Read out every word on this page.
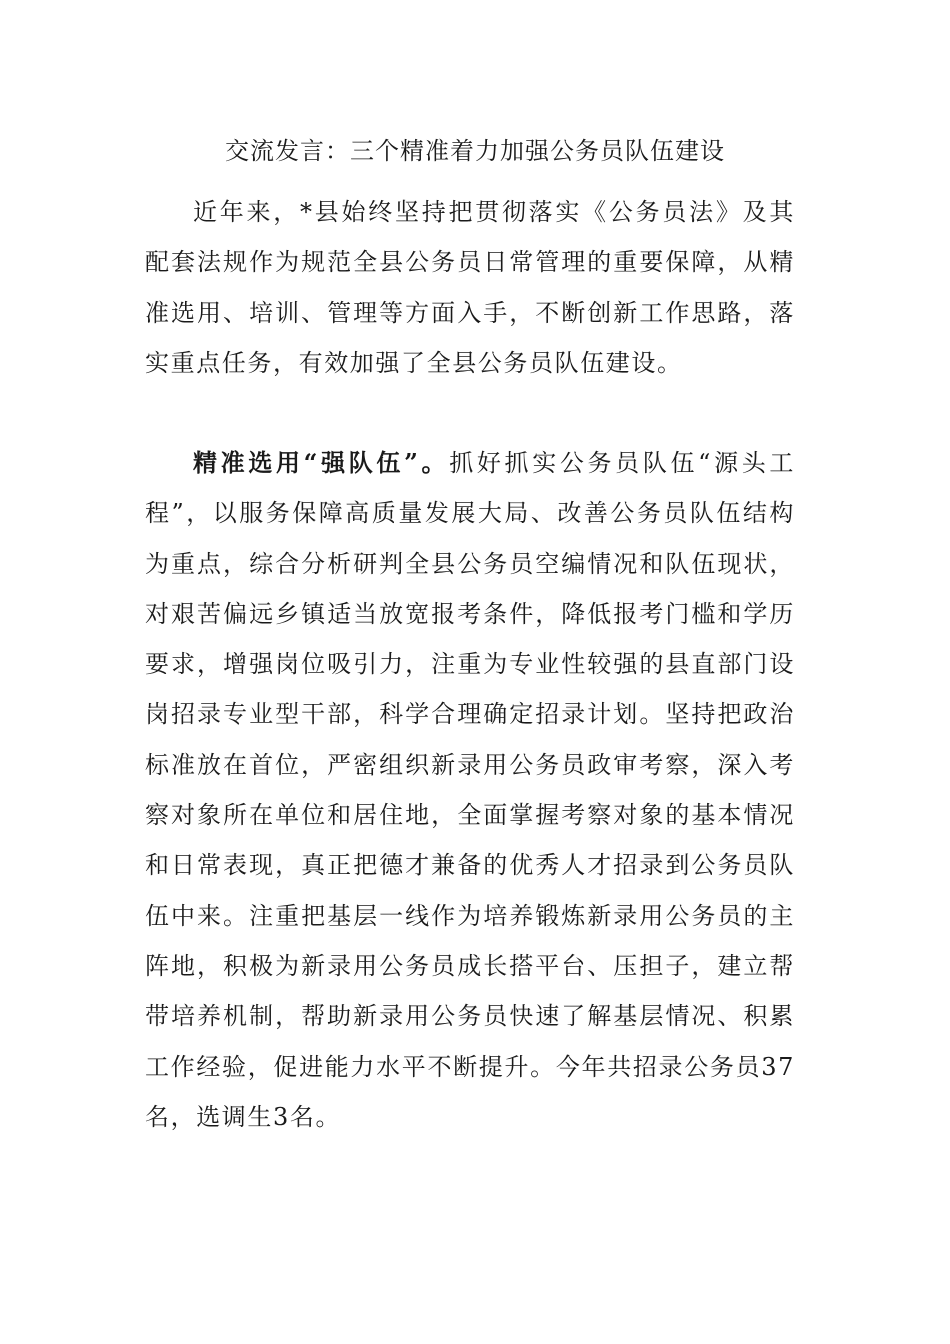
交流发言：三个精准着力加强公务员队伍建设

近年来，*县始终坚持把贯彻落实《公务员法》及其配套法规作为规范全县公务员日常管理的重要保障，从精准选用、培训、管理等方面入手，不断创新工作思路，落实重点任务，有效加强了全县公务员队伍建设。

精准选用“强队伍”。抓好抓实公务员队伍“源头工程”，以服务保障高质量发展大局、改善公务员队伍结构为重点，综合分析研判全县公务员空编情况和队伍现状，对艰苦偏远乡镇适当放宽报考条件，降低报考门槛和学历要求，增强岗位吸引力，注重为专业性较强的县直部门设岗招录专业型干部，科学合理确定招录计划。坚持把政治标准放在首位，严密组织新录用公务员政审考察，深入考察对象所在单位和居住地，全面掌握考察对象的基本情况和日常表现，真正把德才兼备的优秀人才招录到公务员队伍中来。注重把基层一线作为培养锻炼新录用公务员的主阵地，积极为新录用公务员成长搭平台、压担子，建立帮带培养机制，帮助新录用公务员快速了解基层情况、积累工作经验，促进能力水平不断提升。今年共招录公务员37名，选调生3名。
